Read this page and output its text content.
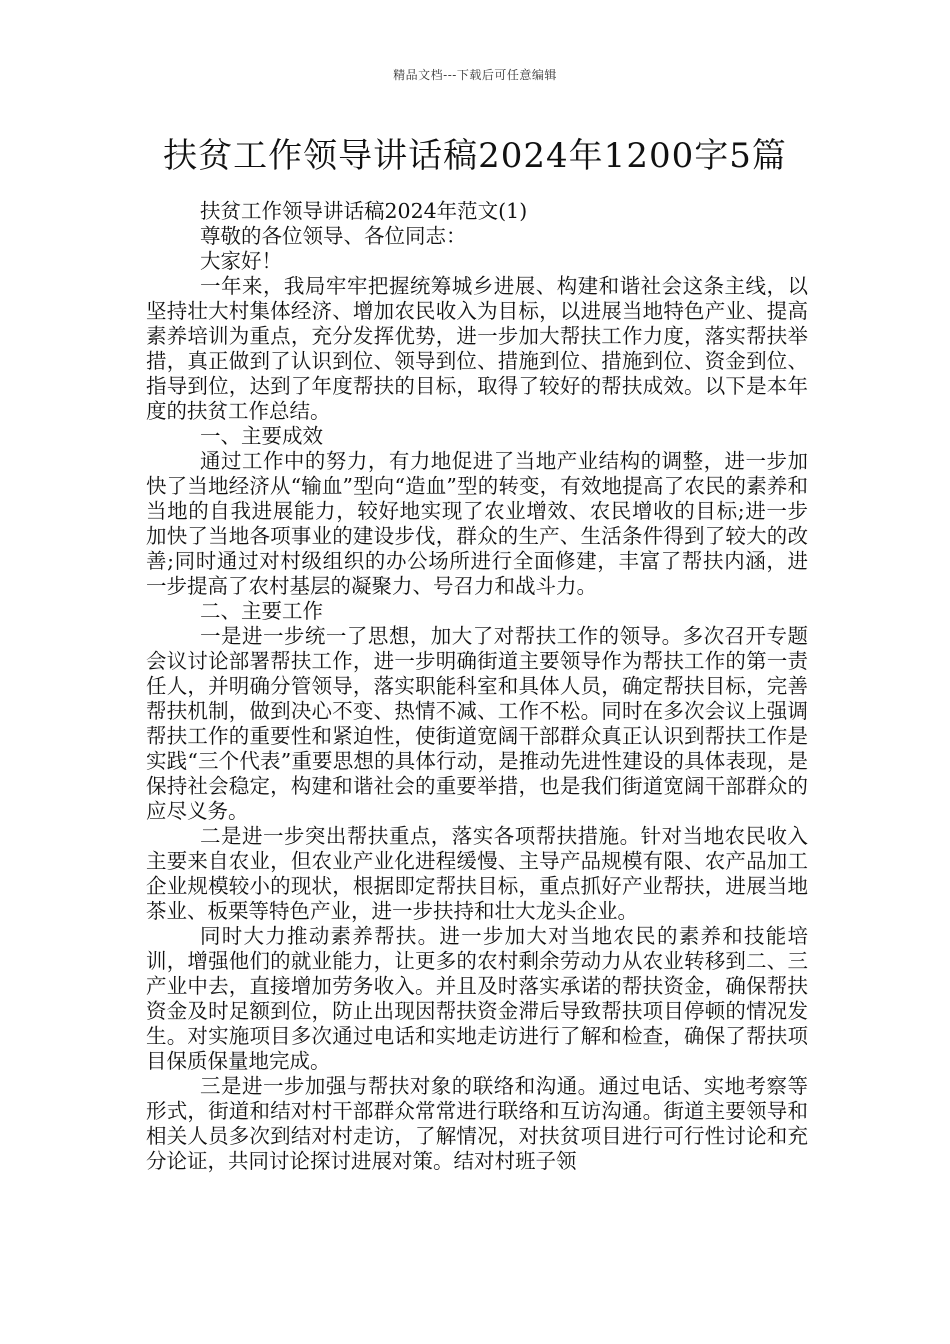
精品文档---下载后可任意编辑
扶贫工作领导讲话稿2024年1200字5篇

扶贫工作领导讲话稿2024年范文(1)

尊敬的各位领导、各位同志：

大家好！

一年来，我局牢牢把握统筹城乡进展、构建和谐社会这条主线，以坚持壮大村集体经济、增加农民收入为目标，以进展当地特色产业、提高素养培训为重点，充分发挥优势，进一步加大帮扶工作力度，落实帮扶举措，真正做到了认识到位、领导到位、措施到位、措施到位、资金到位、指导到位，达到了年度帮扶的目标，取得了较好的帮扶成效。以下是本年度的扶贫工作总结。

一、主要成效

通过工作中的努力，有力地促进了当地产业结构的调整，进一步加快了当地经济从“输血”型向“造血”型的转变，有效地提高了农民的素养和当地的自我进展能力，较好地实现了农业增效、农民增收的目标;进一步加快了当地各项事业的建设步伐，群众的生产、生活条件得到了较大的改善;同时通过对村级组织的办公场所进行全面修建，丰富了帮扶内涵，进一步提高了农村基层的凝聚力、号召力和战斗力。

二、主要工作

一是进一步统一了思想，加大了对帮扶工作的领导。多次召开专题会议讨论部署帮扶工作，进一步明确街道主要领导作为帮扶工作的第一责任人，并明确分管领导，落实职能科室和具体人员，确定帮扶目标，完善帮扶机制，做到决心不变、热情不减、工作不松。同时在多次会议上强调帮扶工作的重要性和紧迫性，使街道宽阔干部群众真正认识到帮扶工作是实践“三个代表”重要思想的具体行动，是推动先进性建设的具体表现，是保持社会稳定，构建和谐社会的重要举措，也是我们街道宽阔干部群众的应尽义务。

二是进一步突出帮扶重点，落实各项帮扶措施。针对当地农民收入主要来自农业，但农业产业化进程缓慢、主导产品规模有限、农产品加工企业规模较小的现状，根据即定帮扶目标，重点抓好产业帮扶，进展当地茶业、板栗等特色产业，进一步扶持和壮大龙头企业。

同时大力推动素养帮扶。进一步加大对当地农民的素养和技能培训，增强他们的就业能力，让更多的农村剩余劳动力从农业转移到二、三产业中去，直接增加劳务收入。并且及时落实承诺的帮扶资金，确保帮扶资金及时足额到位，防止出现因帮扶资金滞后导致帮扶项目停顿的情况发生。对实施项目多次通过电话和实地走访进行了解和检查，确保了帮扶项目保质保量地完成。

三是进一步加强与帮扶对象的联络和沟通。通过电话、实地考察等形式，街道和结对村干部群众常常进行联络和互访沟通。街道主要领导和相关人员多次到结对村走访，了解情况，对扶贫项目进行可行性讨论和充分论证，共同讨论探讨进展对策。结对村班子领
